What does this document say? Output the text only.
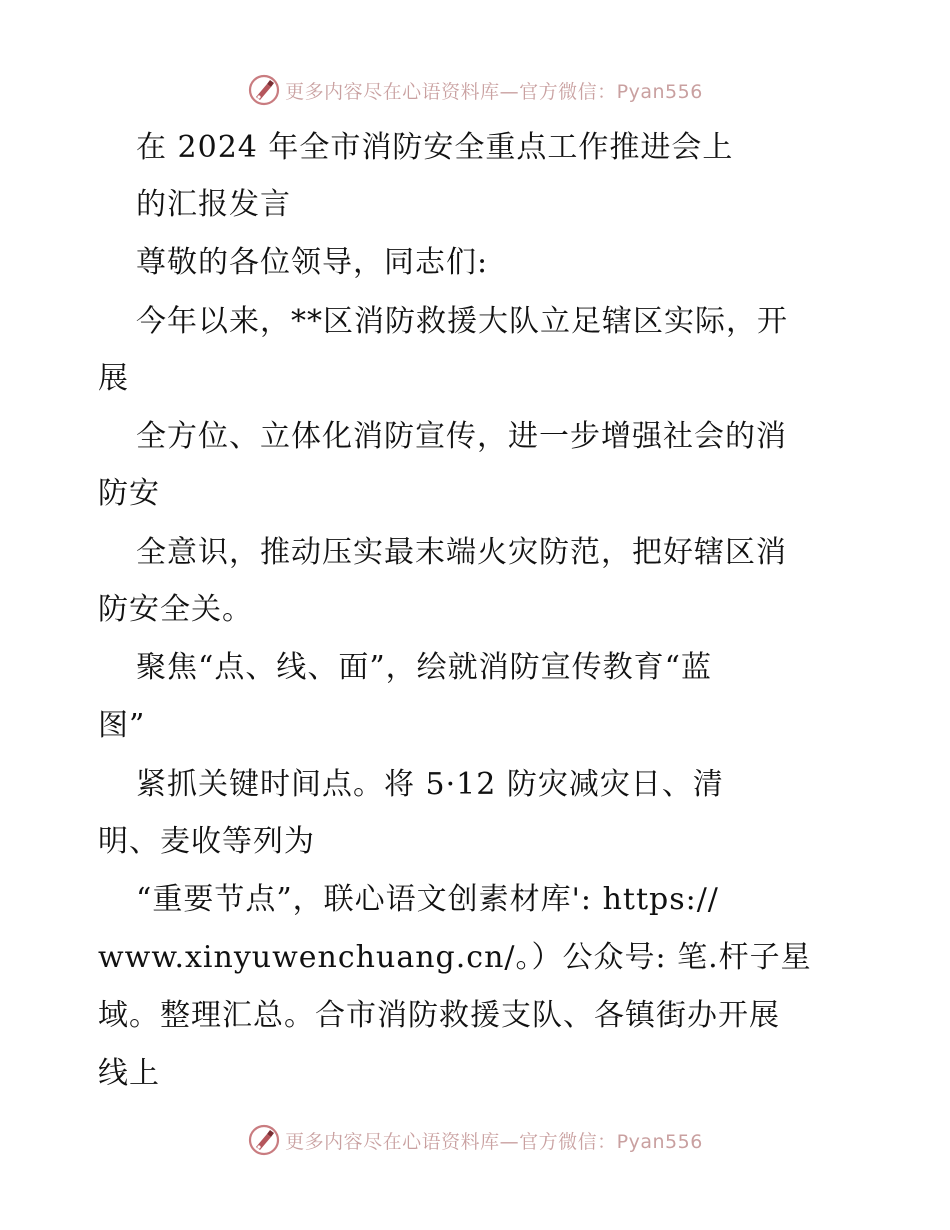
更多内容尽在心语资料库—官方微信：Pyan556
在 2024 年全市消防安全重点工作推进会上
的汇报发言
尊敬的各位领导，同志们:
今年以来，**区消防救援大队立足辖区实际，开
展
全方位、立体化消防宣传，进一步增强社会的消
防安
全意识，推动压实最末端火灾防范，把好辖区消
防安全关。
聚焦“点、线、面”，绘就消防宣传教育“蓝
图”
紧抓关键时间点。将 5·12 防灾减灾日、清
明、麦收等列为
“重要节点”，联心语文创素材库': https://
www.xinyuwenchuang.cn/。）公众号: 笔.杆子星
域。整理汇总。合市消防救援支队、各镇街办开展
线上
更多内容尽在心语资料库—官方微信：Pyan556
